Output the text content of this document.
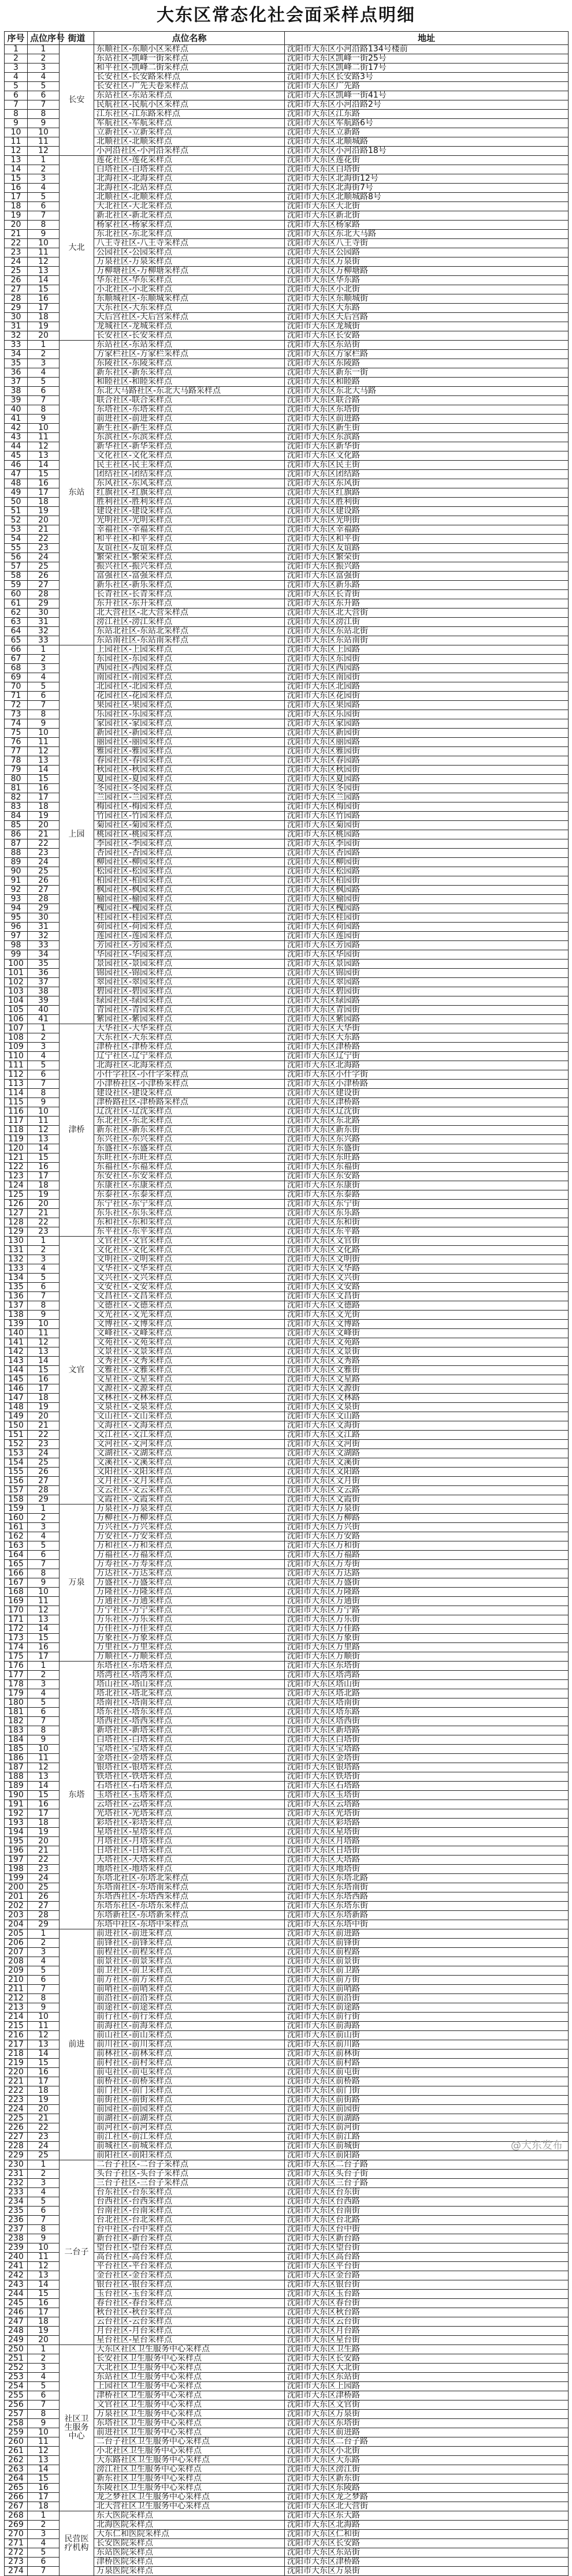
大东区常态化社会面采样点明细
序号	点位序号	街道	点位名称	地址
1	1	长安	东顺社区-东顺小区采样点	沈阳市大东区小河沿路134号楼前
2	2		东站社区-凯峰一街采样点	沈阳市大东区凯峰一街25号
3	3		和平社区-凯峰二街采样点	沈阳市大东区凯峰二街17号
4	4		长安社区-长安路采样点	沈阳市大东区长安路3号
5	5		长安社区-广先夫卷采样点	沈阳市大东区广先路
6	6		东站社区-东站采样点	沈阳市大东区凯峰一街41号
7	7		民航社区-民航小区采样点	沈阳市大东区小河沿路2号
8	8		江东社区-江东路采样点	沈阳市大东区江东路
9	9		军航社区-军航采样点	沈阳市大东区军航路6号
10	10		立新社区-立新采样点	沈阳市大东区立新路
11	11		北顺社区-北顺采样点	沈阳市大东区北顺城路
12	12		小河沿社区-小河沿采样点	沈阳市大东区小河沿路18号
13	1	大北	莲花社区-莲花采样点	沈阳市大东区莲花街
14	2		白塔社区-白塔采样点	沈阳市大东区白塔街
15	3		北海社区-北海采样点	沈阳市大东区北海街12号
16	4		北海社区-北站采样点	沈阳市大东区北海街7号
17	5		北顺社区-北顺采样点	沈阳市大东区北顺城路8号
18	6		大北社区-大北采样点	沈阳市大东区大北街
19	7		新北社区-新北采样点	沈阳市大东区新北街
20	8		杨家社区-杨家采样点	沈阳市大东区杨家路
21	9		东北社区-东北采样点	沈阳市大东区东北大马路
22	10		八王寺社区-八王寺采样点	沈阳市大东区八王寺街
23	11		公园社区-公园采样点	沈阳市大东区公园路
24	12		万泉社区-万泉采样点	沈阳市大东区万泉街
25	13		万柳塘社区-万柳塘采样点	沈阳市大东区万柳塘路
26	14		华东社区-华东采样点	沈阳市大东区华东路
27	15		小北社区-小北采样点	沈阳市大东区小北街
28	16		东顺城社区-东顺城采样点	沈阳市大东区东顺城街
29	17		大东社区-大东采样点	沈阳市大东区大东路
30	18		天后宫社区-天后宫采样点	沈阳市大东区天后宫路
31	19		龙城社区-龙城采样点	沈阳市大东区龙城街
32	20		长安社区-长安采样点	沈阳市大东区长安路
33	1	东站	东站社区-东站采样点	沈阳市大东区东站街
34	2		方家栏社区-方家栏采样点	沈阳市大东区方家栏路
35	3		东陵社区-东陵采样点	沈阳市大东区东陵路
36	4		新东社区-新东采样点	沈阳市大东区新东一街
37	5		和睦社区-和睦采样点	沈阳市大东区和睦路
38	6		东北大马路社区-东北大马路采样点	沈阳市大东区东北大马路
39	7		联合社区-联合采样点	沈阳市大东区联合路
40	8		东塔社区-东塔采样点	沈阳市大东区东塔街
41	9		前进社区-前进采样点	沈阳市大东区前进路
42	10		新生社区-新生采样点	沈阳市大东区新生街
43	11		东滨社区-东滨采样点	沈阳市大东区东滨路
44	12		新华社区-新华采样点	沈阳市大东区新华街
45	13		文化社区-文化采样点	沈阳市大东区文化路
46	14		民主社区-民主采样点	沈阳市大东区民主街
47	15		团结社区-团结采样点	沈阳市大东区团结路
48	16		东风社区-东风采样点	沈阳市大东区东风街
49	17		红旗社区-红旗采样点	沈阳市大东区红旗路
50	18		胜利社区-胜利采样点	沈阳市大东区胜利街
51	19		建设社区-建设采样点	沈阳市大东区建设路
52	20		光明社区-光明采样点	沈阳市大东区光明街
53	21		幸福社区-幸福采样点	沈阳市大东区幸福路
54	22		和平社区-和平采样点	沈阳市大东区和平街
55	23		友谊社区-友谊采样点	沈阳市大东区友谊路
56	24		繁荣社区-繁荣采样点	沈阳市大东区繁荣街
57	25		振兴社区-振兴采样点	沈阳市大东区振兴路
58	26		富强社区-富强采样点	沈阳市大东区富强街
59	27		新乐社区-新乐采样点	沈阳市大东区新乐路
60	28		长青社区-长青采样点	沈阳市大东区长青街
61	29		东升社区-东升采样点	沈阳市大东区东升路
62	30		北大营社区-北大营采样点	沈阳市大东区北大营街
63	31		滂江社区-滂江采样点	沈阳市大东区滂江街
64	32		东站北社区-东站北采样点	沈阳市大东区东站北街
65	33		东站南社区-东站南采样点	沈阳市大东区东站南街
66	1	上园	上园社区-上园采样点	沈阳市大东区上园路
67	2		东园社区-东园采样点	沈阳市大东区东园街
68	3		西园社区-西园采样点	沈阳市大东区西园路
69	4		南园社区-南园采样点	沈阳市大东区南园街
70	5		北园社区-北园采样点	沈阳市大东区北园路
71	6		花园社区-花园采样点	沈阳市大东区花园街
72	7		果园社区-果园采样点	沈阳市大东区果园路
73	8		乐园社区-乐园采样点	沈阳市大东区乐园街
74	9		家园社区-家园采样点	沈阳市大东区家园路
75	10		新园社区-新园采样点	沈阳市大东区新园街
76	11		丽园社区-丽园采样点	沈阳市大东区丽园路
77	12		雅园社区-雅园采样点	沈阳市大东区雅园街
78	13		春园社区-春园采样点	沈阳市大东区春园路
79	14		秋园社区-秋园采样点	沈阳市大东区秋园街
80	15		夏园社区-夏园采样点	沈阳市大东区夏园路
81	16		冬园社区-冬园采样点	沈阳市大东区冬园街
82	17		兰园社区-兰园采样点	沈阳市大东区兰园路
83	18		梅园社区-梅园采样点	沈阳市大东区梅园街
84	19		竹园社区-竹园采样点	沈阳市大东区竹园路
85	20		菊园社区-菊园采样点	沈阳市大东区菊园街
86	21		桃园社区-桃园采样点	沈阳市大东区桃园路
87	22		李园社区-李园采样点	沈阳市大东区李园街
88	23		杏园社区-杏园采样点	沈阳市大东区杏园路
89	24		柳园社区-柳园采样点	沈阳市大东区柳园街
90	25		松园社区-松园采样点	沈阳市大东区松园路
91	26		柏园社区-柏园采样点	沈阳市大东区柏园街
92	27		枫园社区-枫园采样点	沈阳市大东区枫园路
93	28		榆园社区-榆园采样点	沈阳市大东区榆园街
94	29		槐园社区-槐园采样点	沈阳市大东区槐园路
95	30		桂园社区-桂园采样点	沈阳市大东区桂园街
96	31		荷园社区-荷园采样点	沈阳市大东区荷园路
97	32		莲园社区-莲园采样点	沈阳市大东区莲园街
98	33		芳园社区-芳园采样点	沈阳市大东区芳园路
99	34		华园社区-华园采样点	沈阳市大东区华园街
100	35		景园社区-景园采样点	沈阳市大东区景园路
101	36		锦园社区-锦园采样点	沈阳市大东区锦园街
102	37		翠园社区-翠园采样点	沈阳市大东区翠园路
103	38		碧园社区-碧园采样点	沈阳市大东区碧园街
104	39		绿园社区-绿园采样点	沈阳市大东区绿园路
105	40		青园社区-青园采样点	沈阳市大东区青园街
106	41		紫园社区-紫园采样点	沈阳市大东区紫园路
107	1	津桥	大华社区-大华采样点	沈阳市大东区大华街
108	2		大东社区-大东采样点	沈阳市大东区大东路
109	3		津桥社区-津桥采样点	沈阳市大东区津桥路
110	4		辽宁社区-辽宁采样点	沈阳市大东区辽宁街
111	5		北海社区-北海采样点	沈阳市大东区北海路
112	6		小什字社区-小什字采样点	沈阳市大东区小什字街
113	7		小津桥社区-小津桥采样点	沈阳市大东区小津桥路
114	8		建设社区-建设采样点	沈阳市大东区建设街
115	9		津桥路社区-津桥路采样点	沈阳市大东区津桥路
116	10		辽沈社区-辽沈采样点	沈阳市大东区辽沈街
117	11		东北社区-东北采样点	沈阳市大东区东北路
118	12		新东社区-新东采样点	沈阳市大东区新东街
119	13		东兴社区-东兴采样点	沈阳市大东区东兴路
120	14		东盛社区-东盛采样点	沈阳市大东区东盛街
121	15		东旺社区-东旺采样点	沈阳市大东区东旺路
122	16		东福社区-东福采样点	沈阳市大东区东福街
123	17		东安社区-东安采样点	沈阳市大东区东安路
124	18		东康社区-东康采样点	沈阳市大东区东康街
125	19		东泰社区-东泰采样点	沈阳市大东区东泰路
126	20		东宁社区-东宁采样点	沈阳市大东区东宁街
127	21		东乐社区-东乐采样点	沈阳市大东区东乐路
128	22		东和社区-东和采样点	沈阳市大东区东和街
129	23		东平社区-东平采样点	沈阳市大东区东平路
130	1	文官	文官社区-文官采样点	沈阳市大东区文官街
131	2		文化社区-文化采样点	沈阳市大东区文化路
132	3		文明社区-文明采样点	沈阳市大东区文明街
133	4		文华社区-文华采样点	沈阳市大东区文华路
134	5		文兴社区-文兴采样点	沈阳市大东区文兴街
135	6		文安社区-文安采样点	沈阳市大东区文安路
136	7		文昌社区-文昌采样点	沈阳市大东区文昌街
137	8		文德社区-文德采样点	沈阳市大东区文德路
138	9		文光社区-文光采样点	沈阳市大东区文光街
139	10		文博社区-文博采样点	沈阳市大东区文博路
140	11		文峰社区-文峰采样点	沈阳市大东区文峰街
141	12		文苑社区-文苑采样点	沈阳市大东区文苑路
142	13		文景社区-文景采样点	沈阳市大东区文景街
143	14		文秀社区-文秀采样点	沈阳市大东区文秀路
144	15		文雅社区-文雅采样点	沈阳市大东区文雅街
145	16		文星社区-文星采样点	沈阳市大东区文星路
146	17		文源社区-文源采样点	沈阳市大东区文源街
147	18		文林社区-文林采样点	沈阳市大东区文林路
148	19		文泉社区-文泉采样点	沈阳市大东区文泉街
149	20		文山社区-文山采样点	沈阳市大东区文山路
150	21		文海社区-文海采样点	沈阳市大东区文海街
151	22		文江社区-文江采样点	沈阳市大东区文江路
152	23		文河社区-文河采样点	沈阳市大东区文河街
153	24		文湖社区-文湖采样点	沈阳市大东区文湖路
154	25		文溪社区-文溪采样点	沈阳市大东区文溪街
155	26		文阳社区-文阳采样点	沈阳市大东区文阳路
156	27		文月社区-文月采样点	沈阳市大东区文月街
157	28		文云社区-文云采样点	沈阳市大东区文云路
158	29		文霞社区-文霞采样点	沈阳市大东区文霞街
159	1	万泉	万泉社区-万泉采样点	沈阳市大东区万泉街
160	2		万柳社区-万柳采样点	沈阳市大东区万柳路
161	3		万兴社区-万兴采样点	沈阳市大东区万兴街
162	4		万安社区-万安采样点	沈阳市大东区万安路
163	5		万和社区-万和采样点	沈阳市大东区万和街
164	6		万福社区-万福采样点	沈阳市大东区万福路
165	7		万寿社区-万寿采样点	沈阳市大东区万寿街
166	8		万达社区-万达采样点	沈阳市大东区万达路
167	9		万盛社区-万盛采样点	沈阳市大东区万盛街
168	10		万隆社区-万隆采样点	沈阳市大东区万隆路
169	11		万通社区-万通采样点	沈阳市大东区万通街
170	12		万宁社区-万宁采样点	沈阳市大东区万宁路
171	13		万乐社区-万乐采样点	沈阳市大东区万乐街
172	14		万佳社区-万佳采样点	沈阳市大东区万佳路
173	15		万象社区-万象采样点	沈阳市大东区万象街
174	16		万里社区-万里采样点	沈阳市大东区万里路
175	17		万顺社区-万顺采样点	沈阳市大东区万顺街
176	1	东塔	东塔社区-东塔采样点	沈阳市大东区东塔街
177	2		塔湾社区-塔湾采样点	沈阳市大东区塔湾路
178	3		塔山社区-塔山采样点	沈阳市大东区塔山街
179	4		塔北社区-塔北采样点	沈阳市大东区塔北路
180	5		塔南社区-塔南采样点	沈阳市大东区塔南街
181	6		塔东社区-塔东采样点	沈阳市大东区塔东路
182	7		塔西社区-塔西采样点	沈阳市大东区塔西街
183	8		新塔社区-新塔采样点	沈阳市大东区新塔路
184	9		白塔社区-白塔采样点	沈阳市大东区白塔街
185	10		宝塔社区-宝塔采样点	沈阳市大东区宝塔路
186	11		金塔社区-金塔采样点	沈阳市大东区金塔街
187	12		银塔社区-银塔采样点	沈阳市大东区银塔路
188	13		铁塔社区-铁塔采样点	沈阳市大东区铁塔街
189	14		石塔社区-石塔采样点	沈阳市大东区石塔路
190	15		玉塔社区-玉塔采样点	沈阳市大东区玉塔街
191	16		云塔社区-云塔采样点	沈阳市大东区云塔路
192	17		光塔社区-光塔采样点	沈阳市大东区光塔街
193	18		彩塔社区-彩塔采样点	沈阳市大东区彩塔路
194	19		星塔社区-星塔采样点	沈阳市大东区星塔街
195	20		月塔社区-月塔采样点	沈阳市大东区月塔路
196	21		日塔社区-日塔采样点	沈阳市大东区日塔街
197	22		天塔社区-天塔采样点	沈阳市大东区天塔路
198	23		地塔社区-地塔采样点	沈阳市大东区地塔街
199	24		东塔北社区-东塔北采样点	沈阳市大东区东塔北路
200	25		东塔南社区-东塔南采样点	沈阳市大东区东塔南街
201	26		东塔西社区-东塔西采样点	沈阳市大东区东塔西路
202	27		东塔东社区-东塔东采样点	沈阳市大东区东塔东街
203	28		东塔新社区-东塔新采样点	沈阳市大东区东塔新路
204	29		东塔中社区-东塔中采样点	沈阳市大东区东塔中街
205	1	前进	前进社区-前进采样点	沈阳市大东区前进路
206	2		前锋社区-前锋采样点	沈阳市大东区前锋街
207	3		前程社区-前程采样点	沈阳市大东区前程路
208	4		前景社区-前景采样点	沈阳市大东区前景街
209	5		前卫社区-前卫采样点	沈阳市大东区前卫路
210	6		前方社区-前方采样点	沈阳市大东区前方街
211	7		前哨社区-前哨采样点	沈阳市大东区前哨路
212	8		前沿社区-前沿采样点	沈阳市大东区前沿街
213	9		前途社区-前途采样点	沈阳市大东区前途路
214	10		前行社区-前行采样点	沈阳市大东区前行街
215	11		前海社区-前海采样点	沈阳市大东区前海路
216	12		前山社区-前山采样点	沈阳市大东区前山街
217	13		前川社区-前川采样点	沈阳市大东区前川路
218	14		前林社区-前林采样点	沈阳市大东区前林街
219	15		前村社区-前村采样点	沈阳市大东区前村路
220	16		前屯社区-前屯采样点	沈阳市大东区前屯街
221	17		前桥社区-前桥采样点	沈阳市大东区前桥路
222	18		前门社区-前门采样点	沈阳市大东区前门街
223	19		前街社区-前街采样点	沈阳市大东区前街路
224	20		前园社区-前园采样点	沈阳市大东区前园街
225	21		前湖社区-前湖采样点	沈阳市大东区前湖路
226	22		前河社区-前河采样点	沈阳市大东区前河街
227	23		前江社区-前江采样点	沈阳市大东区前江路
228	24		前城社区-前城采样点	沈阳市大东区前城街
229	25		前阳社区-前阳采样点	沈阳市大东区前阳路
230	1	二台子	二台子社区-二台子采样点	沈阳市大东区二台子路
231	2		头台子社区-头台子采样点	沈阳市大东区头台子街
232	3		三台子社区-三台子采样点	沈阳市大东区三台子路
233	4		台东社区-台东采样点	沈阳市大东区台东街
234	5		台西社区-台西采样点	沈阳市大东区台西路
235	6		台南社区-台南采样点	沈阳市大东区台南街
236	7		台北社区-台北采样点	沈阳市大东区台北路
237	8		台中社区-台中采样点	沈阳市大东区台中街
238	9		新台社区-新台采样点	沈阳市大东区新台路
239	10		望台社区-望台采样点	沈阳市大东区望台街
240	11		高台社区-高台采样点	沈阳市大东区高台路
241	12		平台社区-平台采样点	沈阳市大东区平台街
242	13		金台社区-金台采样点	沈阳市大东区金台路
243	14		银台社区-银台采样点	沈阳市大东区银台街
244	15		玉台社区-玉台采样点	沈阳市大东区玉台路
245	16		春台社区-春台采样点	沈阳市大东区春台街
246	17		秋台社区-秋台采样点	沈阳市大东区秋台路
247	18		云台社区-云台采样点	沈阳市大东区云台街
248	19		月台社区-月台采样点	沈阳市大东区月台路
249	20		星台社区-星台采样点	沈阳市大东区星台街
250	1	社区卫生服务中心	大东区社区卫生服务中心采样点	沈阳市大东区卫生路
251	2		长安社区卫生服务中心采样点	沈阳市大东区长安路
252	3		大北社区卫生服务中心采样点	沈阳市大东区大北街
253	4		东站社区卫生服务中心采样点	沈阳市大东区东站街
254	5		上园社区卫生服务中心采样点	沈阳市大东区上园路
255	6		津桥社区卫生服务中心采样点	沈阳市大东区津桥路
256	7		文官社区卫生服务中心采样点	沈阳市大东区文官街
257	8		万泉社区卫生服务中心采样点	沈阳市大东区万泉街
258	9		东塔社区卫生服务中心采样点	沈阳市大东区东塔街
259	10		前进社区卫生服务中心采样点	沈阳市大东区前进路
260	11		二台子社区卫生服务中心采样点	沈阳市大东区二台子路
261	12		小北社区卫生服务中心采样点	沈阳市大东区小北街
262	13		大东路社区卫生服务中心采样点	沈阳市大东区大东路
263	14		滂江社区卫生服务中心采样点	沈阳市大东区滂江街
264	15		新东社区卫生服务中心采样点	沈阳市大东区新东街
265	16		东陵社区卫生服务中心采样点	沈阳市大东区东陵路
266	17		龙之梦社区卫生服务中心采样点	沈阳市大东区龙之梦路
267	18		北大营社区卫生服务中心采样点	沈阳市大东区北大营街
268	1	民营医疗机构	东大医院采样点	沈阳市大东区东大路
269	2		北海医院采样点	沈阳市大东区北海路
270	3		大东仁和医院采样点	沈阳市大东区仁和街
271	4		长安医院采样点	沈阳市大东区长安路
272	5		东站医院采样点	沈阳市大东区东站街
273	6		津桥医院采样点	沈阳市大东区津桥路
274	7		万泉医院采样点	沈阳市大东区万泉街
@大东发布
